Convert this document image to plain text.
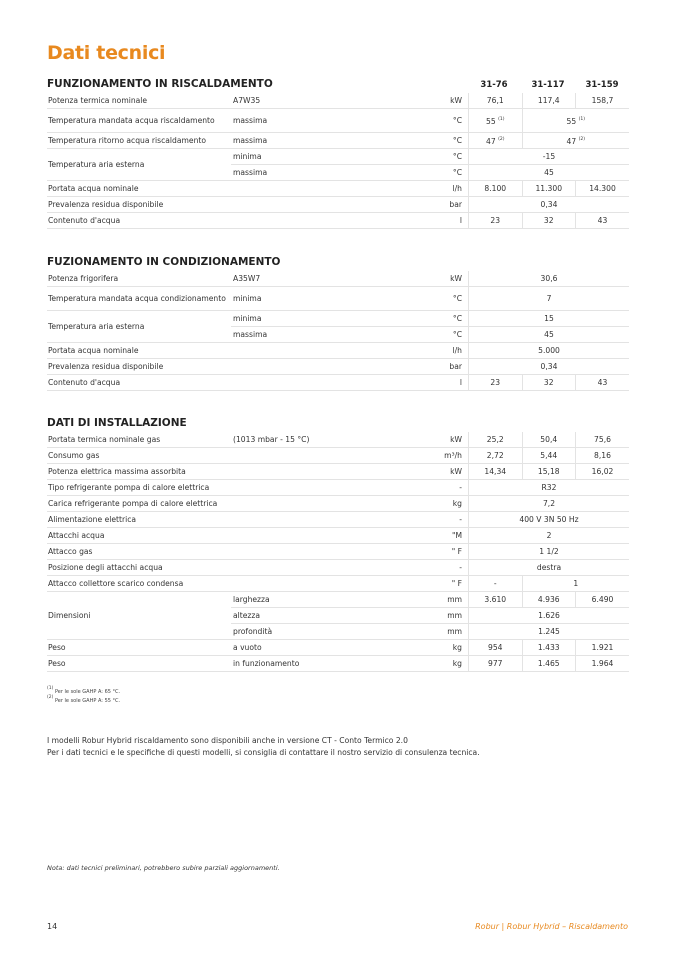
Dati tecnici
FUNZIONAMENTO IN RISCALDAMENTO	31-76	31-117	31-159
Potenza termica nominale	A7W35	kW	76,1	117,4	158,7
Temperatura mandata acqua riscaldamento	massima	°C	55 $^{(1)}$	55 $^{(1)}$
Temperatura ritorno acqua riscaldamento	massima	°C	47 $^{(2)}$	47 $^{(2)}$
Temperatura aria esterna	minima	°C	-15		
	massima	°C	45		
Portata acqua nominale		l/h	8.100	11.300	14.300
Prevalenza residua disponibile		bar	0,34		
Contenuto d'acqua		l	23	32	43
FUZIONAMENTO IN CONDIZIONAMENTO
Potenza frigorifera	A35W7	kW	30,6		
Temperatura mandata acqua condizionamento	minima	°C	7		
Temperatura aria esterna	minima	°C	15		
	massima	°C	45		
Portata acqua nominale		l/h	5.000		
Prevalenza residua disponibile		bar	0,34		
Contenuto d'acqua		l	23	32	43
DATI DI INSTALLAZIONE
Portata termica nominale gas	(1013 mbar - 15 °C)	kW	25,2	50,4	75,6
Consumo gas		m³/h	2,72	5,44	8,16
Potenza elettrica massima assorbita		kW	14,34	15,18	16,02
Tipo refrigerante pompa di calore elettrica		-	R32		
Carica refrigerante pompa di calore elettrica		kg	7,2		
Alimentazione elettrica		-	400 V 3N 50 Hz		
Attacchi acqua		"M	2		
Attacco gas		" F	1 1/2		
Posizione degli attacchi acqua		-	destra		
Attacco collettore scarico condensa		" F	-	1	
Dimensioni	larghezza	mm	3.610	4.936	6.490
	altezza	mm	1.626		
	profondità	mm	1.245		
Peso	a vuoto	kg	954	1.433	1.921
Peso	in funzionamento	kg	977	1.465	1.964
$^{(1)}$ Per le sole GAHP A: 65 °C.
$^{(2)}$ Per le sole GAHP A: 55 °C.
I modelli Robur Hybrid riscaldamento sono disponibili anche in versione CT - Conto Termico 2.0
Per i dati tecnici e le specifiche di questi modelli, si consiglia di contattare il nostro servizio di consulenza tecnica.
Nota: dati tecnici preliminari, potrebbero subire parziali aggiornamenti.
14	Robur | Robur Hybrid – Riscaldamento
